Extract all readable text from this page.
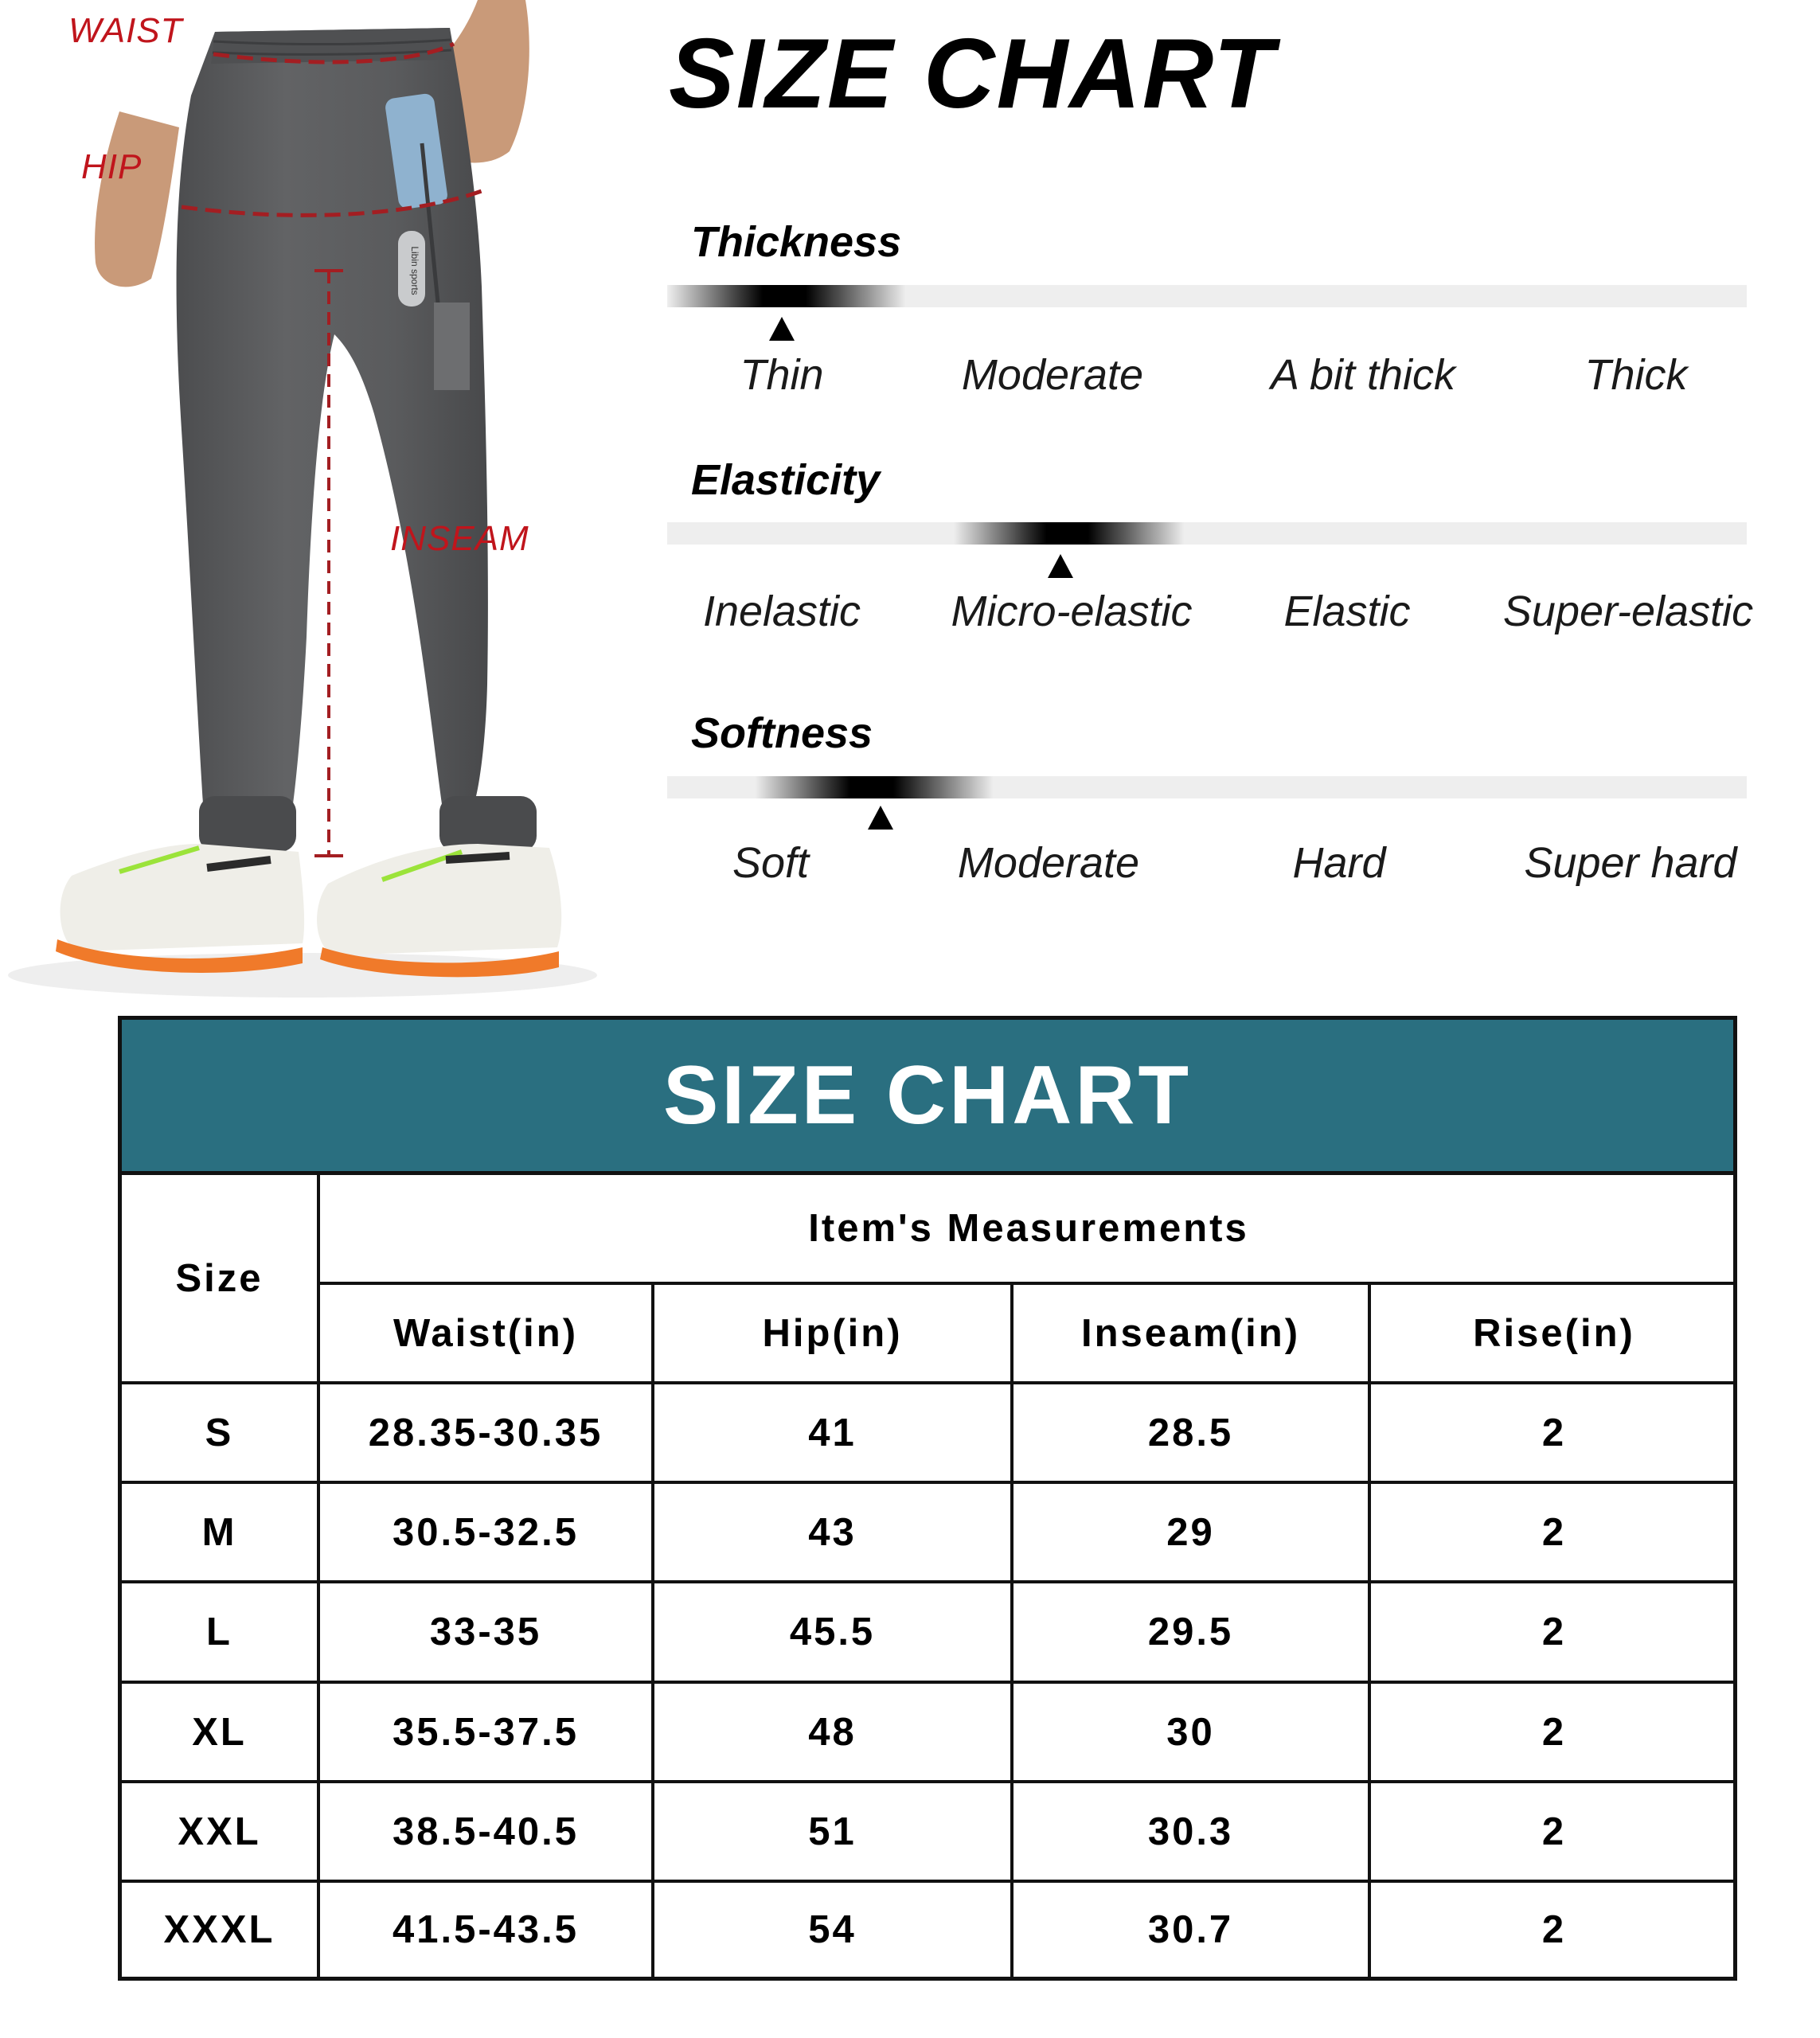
Libin sports
WAIST
HIP
INSEAM
SIZE CHART
Thickness
Thin	Moderate	A bit thick	Thick
Elasticity
Inelastic Micro-elastic Elastic Super-elastic
Softness
Soft	Moderate	Hard	Super hard
SIZE CHART
Size
Item's Measurements
Waist(in)	Hip(in)	Inseam(in)	Rise(in)
S	28.35-30.35	41	28.5	2
M	30.5-32.5	43	29	2
L	33-35	45.5	29.5	2
XL	35.5-37.5	48	30	2
XXL	38.5-40.5	51	30.3	2
XXXL	41.5-43.5	54	30.7	2
